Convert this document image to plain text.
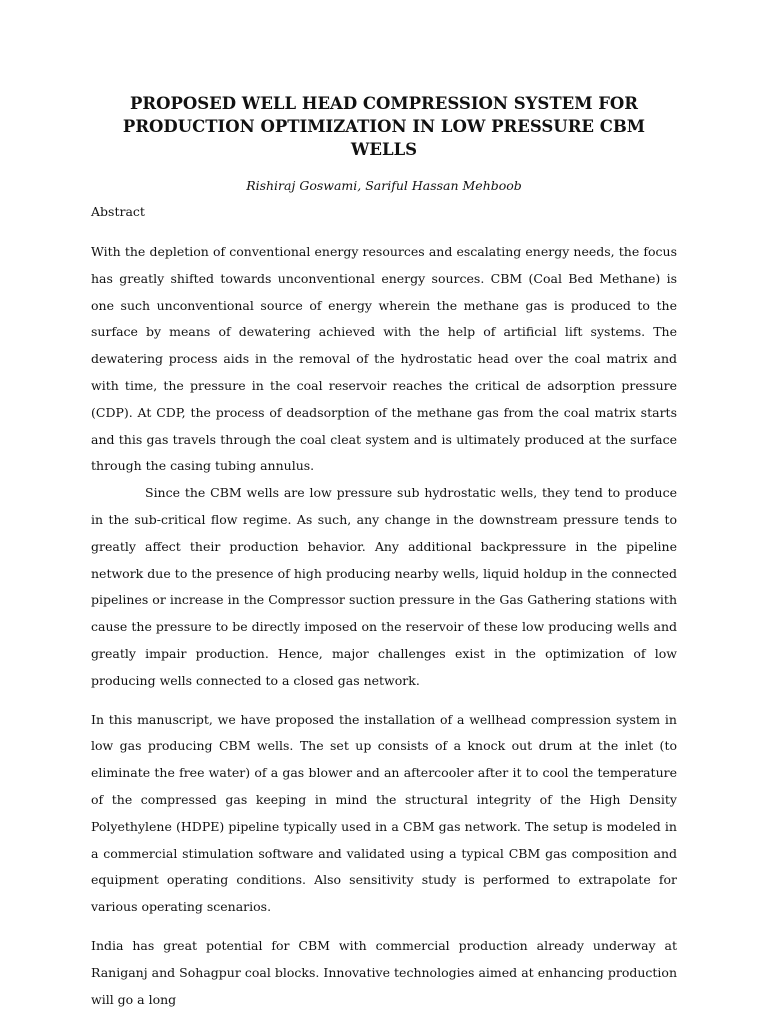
PROPOSED WELL HEAD COMPRESSION SYSTEM FOR PRODUCTION OPTIMIZATION IN LOW PRESSURE CBM WELLS
Rishiraj Goswami, Sariful Hassan Mehboob
Abstract

With the depletion of conventional energy resources and escalating energy needs, the focus has greatly shifted towards unconventional energy sources. CBM (Coal Bed Methane) is one such unconventional source of energy wherein the methane gas is produced to the surface by means of dewatering achieved with the help of artificial lift systems. The dewatering process aids in the removal of the hydrostatic head over the coal matrix and with time, the pressure in the coal reservoir reaches the critical de adsorption pressure (CDP). At CDP, the process of deadsorption of the methane gas from the coal matrix starts and this gas travels through the coal cleat system and is ultimately produced at the surface through the casing tubing annulus.

Since the CBM wells are low pressure sub hydrostatic wells, they tend to produce in the sub-critical flow regime. As such, any change in the downstream pressure tends to greatly affect their production behavior. Any additional backpressure in the pipeline network due to the presence of high producing nearby wells, liquid holdup in the connected pipelines or increase in the Compressor suction pressure in the Gas Gathering stations with cause the pressure to be directly imposed on the reservoir of these low producing wells and greatly impair production. Hence, major challenges exist in the optimization of low producing wells connected to a closed gas network.

In this manuscript, we have proposed the installation of a wellhead compression system in low gas producing CBM wells. The set up consists of a knock out drum at the inlet (to eliminate the free water) of a gas blower and an aftercooler after it to cool the temperature of the compressed gas keeping in mind the structural integrity of the High Density Polyethylene (HDPE) pipeline typically used in a CBM gas network. The setup is modeled in a commercial stimulation software and validated using a typical CBM gas composition and equipment operating conditions. Also sensitivity study is performed to extrapolate for various operating scenarios.

India has great potential for CBM with commercial production already underway at Raniganj and Sohagpur coal blocks. Innovative technologies aimed at enhancing production will go a long
